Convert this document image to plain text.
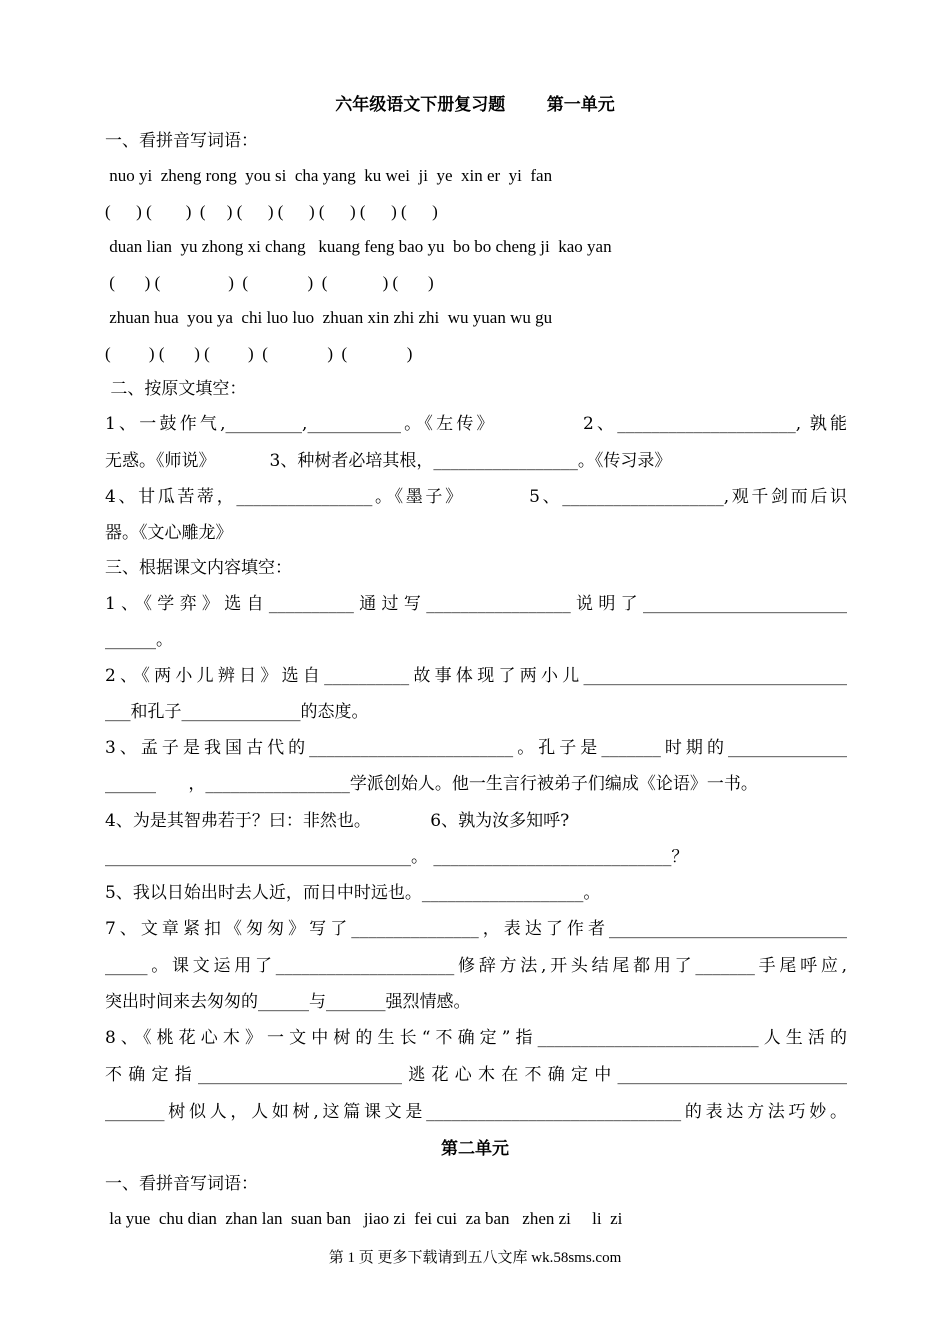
六年级语文下册复习题       第一单元
一、看拼音写词语：
nuo yi  zheng rong  you si  cha yang  ku wei  ji  ye  xin er  yi  fan
(      ) (        )  (     ) (      ) (      ) (      ) (      ) (      )
duan lian  yu zhong xi chang   kuang feng bao yu  bo bo cheng ji  kao yan
(       ) (                )  (              )  (             ) (       )
zhuan hua  you ya  chi luo luo  zhuan xin zhi zhi  wu yuan wu gu
(         ) (       ) (         )  (              )  (              )
二、按原文填空：
1、一鼓作气,_________,___________。《左传》          2、_____________________, 孰能
无惑。《师说》          3、种树者必培其根，_________________。《传习录》
4、甘瓜苦蒂，________________。《墨子》        5、___________________,观千剑而后识
器。《文心雕龙》
三、根据课文内容填空：
1、《学弈》选自__________通过写_________________说明了________________________
______。
2、《两小儿辨日》选自__________故事体现了两小儿_______________________________
___和孔子______________的态度。
3、孟子是我国古代的________________________。孔子是_______时期的______________
______      ，_________________学派创始人。他一生言行被弟子们编成《论语》一书。
4、为是其智弗若于？曰：非然也。           6、孰为汝多知呼?
____________________________________。 ____________________________？
5、我以日始出时去人近，而日中时远也。___________________。
7、文章紧扣《匆匆》写了_______________，表达了作者____________________________
_____。课文运用了_____________________修辞方法,开头结尾都用了_______手尾呼应,
突出时间来去匆匆的______与_______强烈情感。
8、《桃花心木》一文中树的生长“不确定”指__________________________人生活的
不确定指________________________逃花心木在不确定中___________________________
_______树似人，人如树,这篇课文是______________________________的表达方法巧妙。
第二单元
一、看拼音写词语：
la yue  chu dian  zhan lan  suan ban   jiao zi  fei cui  za ban   zhen zi     li  zi
第 1 页 更多下载请到五八文库 wk.58sms.com
